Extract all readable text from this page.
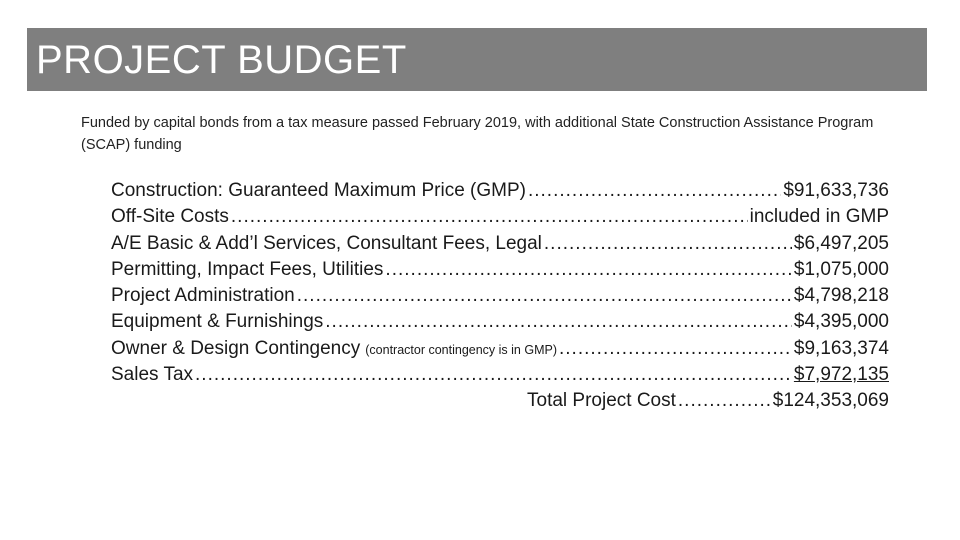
PROJECT BUDGET
Funded by capital bonds from a tax measure passed February 2019, with additional State Construction Assistance Program (SCAP) funding
Construction: Guaranteed Maximum Price (GMP) .....	$91,633,736
Off-Site Costs .....	included in GMP
A/E Basic & Add’l Services, Consultant Fees, Legal .....	$6,497,205
Permitting, Impact Fees, Utilities .....	$1,075,000
Project Administration .....	$4,798,218
Equipment & Furnishings .....	$4,395,000
Owner & Design Contingency (contractor contingency is in GMP) .....	$9,163,374
Sales Tax .....	$7,972,135
Total Project Cost .....	$124,353,069
